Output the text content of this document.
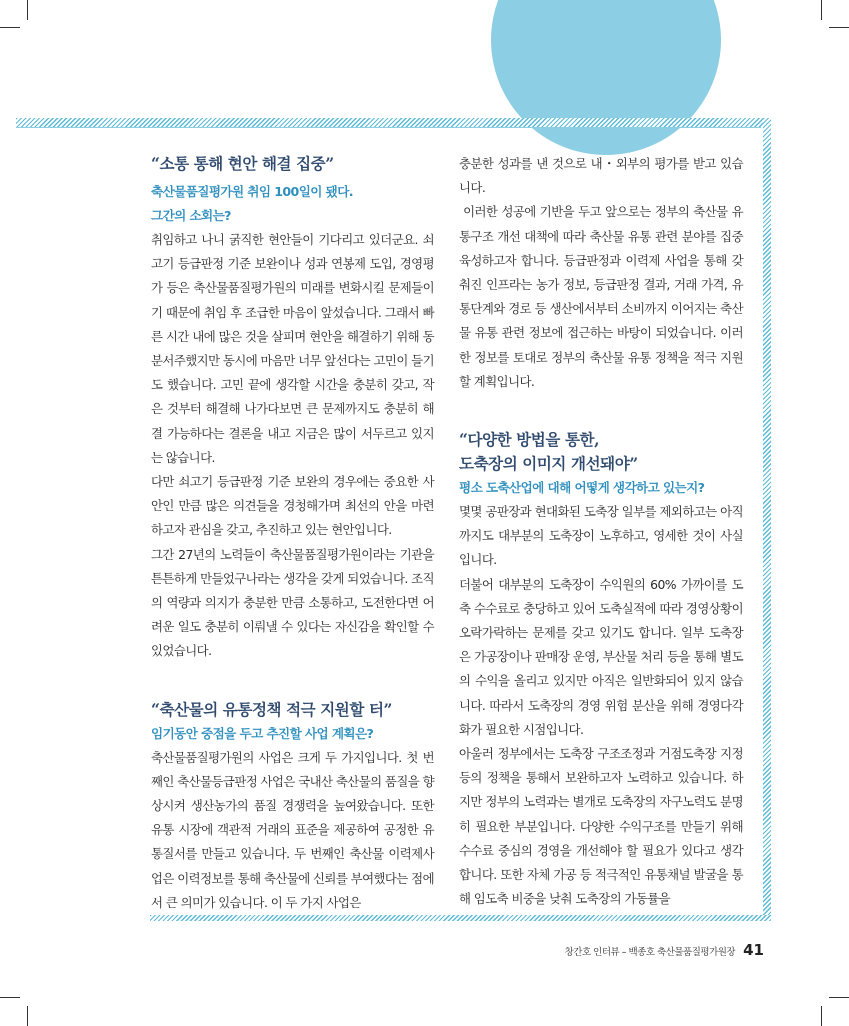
“소통 통해 현안 해결 집중”

축산물품질평가원 취임 100일이 됐다.

그간의 소회는?

취임하고 나니 굵직한 현안들이 기다리고 있더군요. 쇠고기 등급판정 기준 보완이나 성과 연봉제 도입, 경영평가 등은 축산물품질평가원의 미래를 변화시킬 문제들이기 때문에 취임 후 조급한 마음이 앞섰습니다. 그래서 빠른 시간 내에 많은 것을 살피며 현안을 해결하기 위해 동분서주했지만 동시에 마음만 너무 앞선다는 고민이 들기도 했습니다. 고민 끝에 생각할 시간을 충분히 갖고, 작은 것부터 해결해 나가다보면 큰 문제까지도 충분히 해결 가능하다는 결론을 내고 지금은 많이 서두르고 있지는 않습니다.

다만 쇠고기 등급판정 기준 보완의 경우에는 중요한 사안인 만큼 많은 의견들을 경청해가며 최선의 안을 마련하고자 관심을 갖고, 추진하고 있는 현안입니다.

그간 27년의 노력들이 축산물품질평가원이라는 기관을 튼튼하게 만들었구나라는 생각을 갖게 되었습니다. 조직의 역량과 의지가 충분한 만큼 소통하고, 도전한다면 어려운 일도 충분히 이뤄낼 수 있다는 자신감을 확인할 수 있었습니다.

“축산물의 유통정책 적극 지원할 터”

임기동안 중점을 두고 추진할 사업 계획은?

축산물품질평가원의 사업은 크게 두 가지입니다. 첫 번째인 축산물등급판정 사업은 국내산 축산물의 품질을 향상시켜 생산농가의 품질 경쟁력을 높여왔습니다. 또한 유통 시장에 객관적 거래의 표준을 제공하여 공정한 유통질서를 만들고 있습니다. 두 번째인 축산물 이력제사업은 이력정보를 통해 축산물에 신뢰를 부여했다는 점에서 큰 의미가 있습니다. 이 두 가지 사업은

충분한 성과를 낸 것으로 내・외부의 평가를 받고 있습니다.

이러한 성공에 기반을 두고 앞으로는 정부의 축산물 유통구조 개선 대책에 따라 축산물 유통 관련 분야를 집중 육성하고자 합니다. 등급판정과 이력제 사업을 통해 갖춰진 인프라는 농가 정보, 등급판정 결과, 거래 가격, 유통단계와 경로 등 생산에서부터 소비까지 이어지는 축산물 유통 관련 정보에 접근하는 바탕이 되었습니다. 이러한 정보를 토대로 정부의 축산물 유통 정책을 적극 지원할 계획입니다.

“다양한 방법을 통한,
도축장의 이미지 개선돼야”

평소 도축산업에 대해 어떻게 생각하고 있는지?

몇몇 공판장과 현대화된 도축장 일부를 제외하고는 아직까지도 대부분의 도축장이 노후하고, 영세한 것이 사실입니다.

더불어 대부분의 도축장이 수익원의 60% 가까이를 도축 수수료로 충당하고 있어 도축실적에 따라 경영상황이 오락가락하는 문제를 갖고 있기도 합니다. 일부 도축장은 가공장이나 판매장 운영, 부산물 처리 등을 통해 별도의 수익을 올리고 있지만 아직은 일반화되어 있지 않습니다. 따라서 도축장의 경영 위험 분산을 위해 경영다각화가 필요한 시점입니다.

아울러 정부에서는 도축장 구조조정과 거점도축장 지정 등의 정책을 통해서 보완하고자 노력하고 있습니다. 하지만 정부의 노력과는 별개로 도축장의 자구노력도 분명히 필요한 부분입니다. 다양한 수익구조를 만들기 위해 수수료 중심의 경영을 개선해야 할 필요가 있다고 생각합니다. 또한 자체 가공 등 적극적인 유통채널 발굴을 통해 임도축 비중을 낮춰 도축장의 가동률을

창간호 인터뷰 – 백종호 축산물품질평가원장 41
